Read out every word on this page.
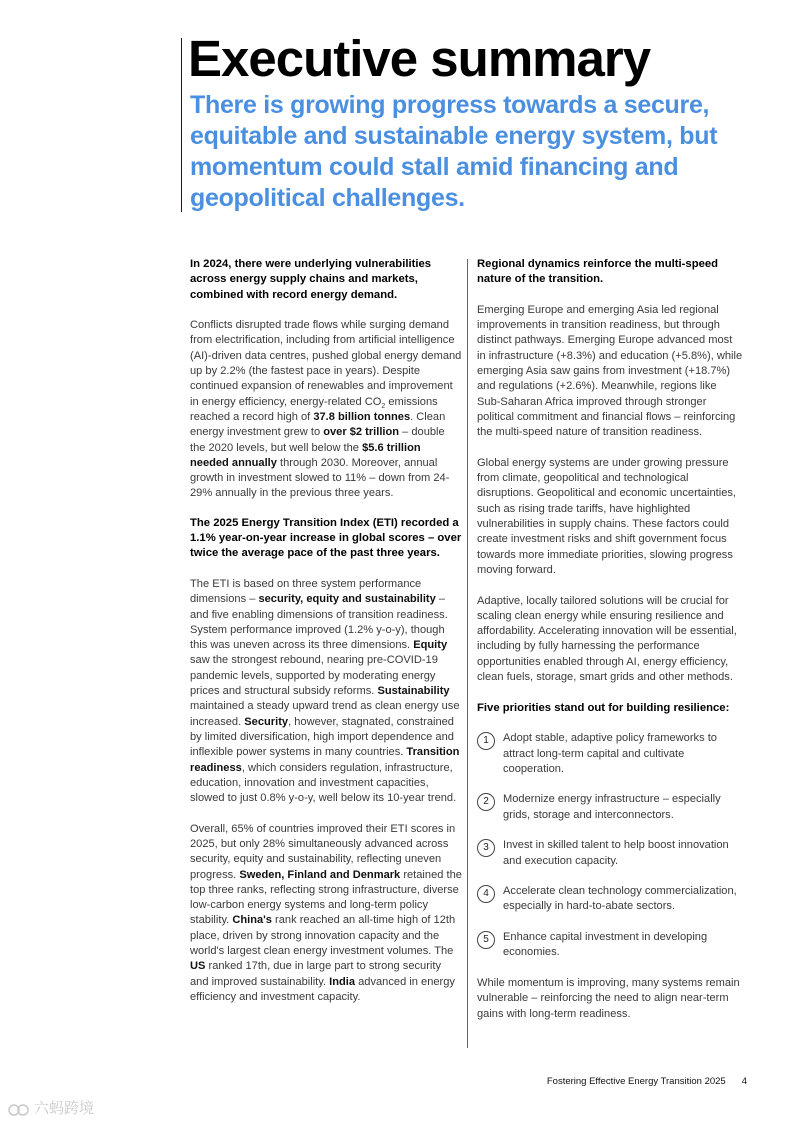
Executive summary
There is growing progress towards a secure, equitable and sustainable energy system, but momentum could stall amid financing and geopolitical challenges.

In 2024, there were underlying vulnerabilities across energy supply chains and markets, combined with record energy demand.

Conflicts disrupted trade flows while surging demand from electrification, including from artificial intelligence (AI)-driven data centres, pushed global energy demand up by 2.2% (the fastest pace in years). Despite continued expansion of renewables and improvement in energy efficiency, energy-related $CO_2$ emissions reached a record high of 37.8 billion tonnes. Clean energy investment grew to over $2 trillion – double the 2020 levels, but well below the $5.6 trillion needed annually through 2030. Moreover, annual growth in investment slowed to 11% – down from 24-29% annually in the previous three years.

The 2025 Energy Transition Index (ETI) recorded a 1.1% year-on-year increase in global scores – over twice the average pace of the past three years.

The ETI is based on three system performance dimensions – security, equity and sustainability – and five enabling dimensions of transition readiness. System performance improved (1.2% y-o-y), though this was uneven across its three dimensions. Equity saw the strongest rebound, nearing pre-COVID-19 pandemic levels, supported by moderating energy prices and structural subsidy reforms. Sustainability maintained a steady upward trend as clean energy use increased. Security, however, stagnated, constrained by limited diversification, high import dependence and inflexible power systems in many countries. Transition readiness, which considers regulation, infrastructure, education, innovation and investment capacities, slowed to just 0.8% y-o-y, well below its 10-year trend.

Overall, 65% of countries improved their ETI scores in 2025, but only 28% simultaneously advanced across security, equity and sustainability, reflecting uneven progress. Sweden, Finland and Denmark retained the top three ranks, reflecting strong infrastructure, diverse low-carbon energy systems and long-term policy stability. China's rank reached an all-time high of 12th place, driven by strong innovation capacity and the world's largest clean energy investment volumes. The US ranked 17th, due in large part to strong security and improved sustainability. India advanced in energy efficiency and investment capacity.

Regional dynamics reinforce the multi-speed nature of the transition.

Emerging Europe and emerging Asia led regional improvements in transition readiness, but through distinct pathways. Emerging Europe advanced most in infrastructure (+8.3%) and education (+5.8%), while emerging Asia saw gains from investment (+18.7%) and regulations (+2.6%). Meanwhile, regions like Sub-Saharan Africa improved through stronger political commitment and financial flows – reinforcing the multi-speed nature of transition readiness.

Global energy systems are under growing pressure from climate, geopolitical and technological disruptions. Geopolitical and economic uncertainties, such as rising trade tariffs, have highlighted vulnerabilities in supply chains. These factors could create investment risks and shift government focus towards more immediate priorities, slowing progress moving forward.

Adaptive, locally tailored solutions will be crucial for scaling clean energy while ensuring resilience and affordability. Accelerating innovation will be essential, including by fully harnessing the performance opportunities enabled through AI, energy efficiency, clean fuels, storage, smart grids and other methods.

Five priorities stand out for building resilience:

1	Adopt stable, adaptive policy frameworks to attract long-term capital and cultivate cooperation.

2	Modernize energy infrastructure – especially grids, storage and interconnectors.

3	Invest in skilled talent to help boost innovation and execution capacity.

4	Accelerate clean technology commercialization, especially in hard-to-abate sectors.

5	Enhance capital investment in developing economies.

While momentum is improving, many systems remain vulnerable – reinforcing the need to align near-term gains with long-term readiness.

Fostering Effective Energy Transition 2025 4
六蚂跨境
